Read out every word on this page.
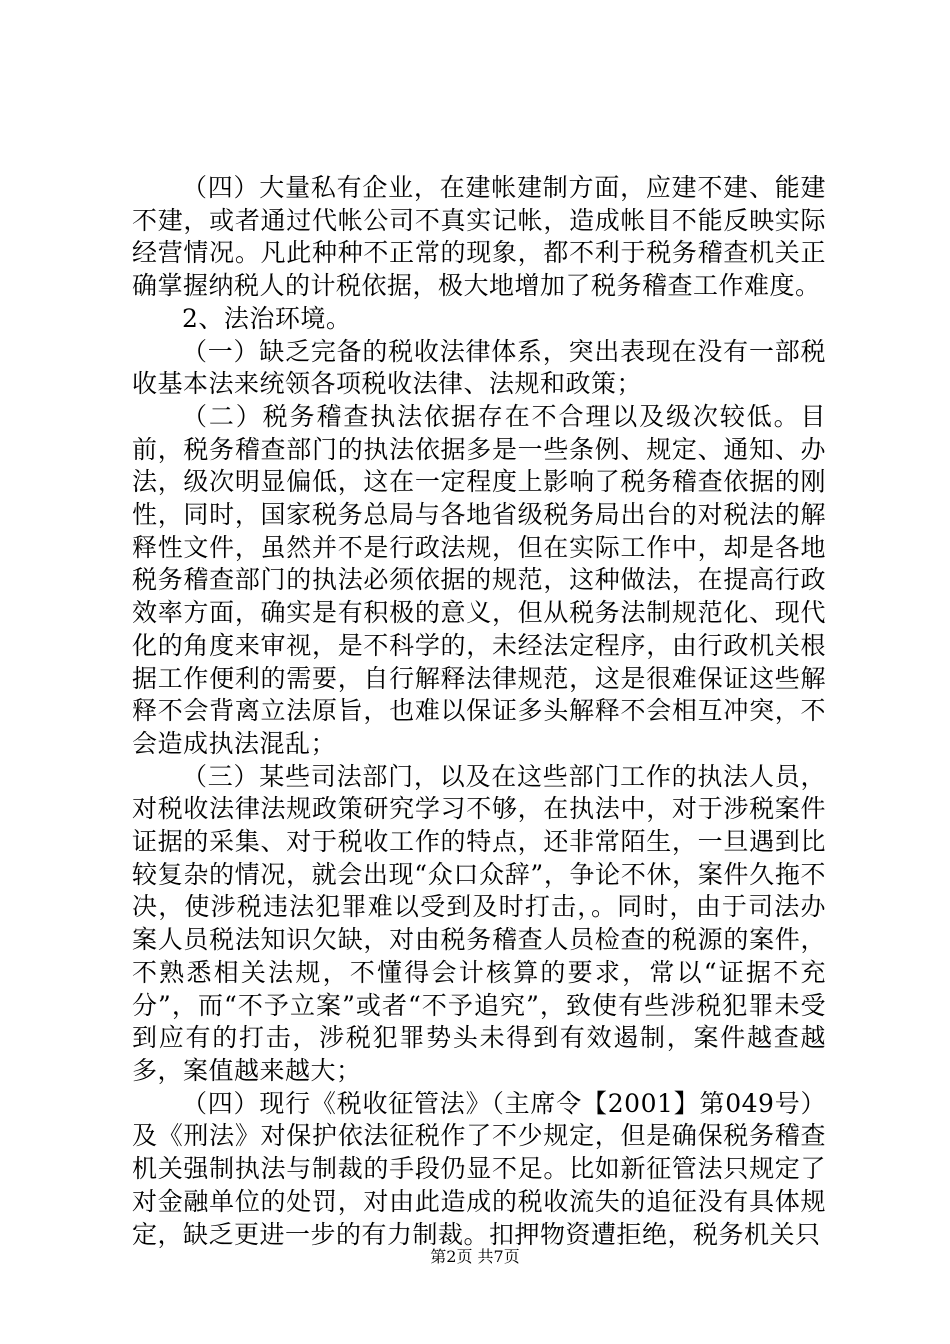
（四）大量私有企业，在建帐建制方面，应建不建、能建不建，或者通过代帐公司不真实记帐，造成帐目不能反映实际经营情况。凡此种种不正常的现象，都不利于税务稽查机关正确掌握纳税人的计税依据，极大地增加了税务稽查工作难度。

2、法治环境。

（一）缺乏完备的税收法律体系，突出表现在没有一部税收基本法来统领各项税收法律、法规和政策；

（二）税务稽查执法依据存在不合理以及级次较低。目前，税务稽查部门的执法依据多是一些条例、规定、通知、办法，级次明显偏低，这在一定程度上影响了税务稽查依据的刚性，同时，国家税务总局与各地省级税务局出台的对税法的解释性文件，虽然并不是行政法规，但在实际工作中，却是各地税务稽查部门的执法必须依据的规范，这种做法，在提高行政效率方面，确实是有积极的意义，但从税务法制规范化、现代化的角度来审视，是不科学的，未经法定程序，由行政机关根据工作便利的需要，自行解释法律规范，这是很难保证这些解释不会背离立法原旨，也难以保证多头解释不会相互冲突，不会造成执法混乱；

（三）某些司法部门，以及在这些部门工作的执法人员，对税收法律法规政策研究学习不够，在执法中，对于涉税案件证据的采集、对于税收工作的特点，还非常陌生，一旦遇到比较复杂的情况，就会出现“众口众辞”，争论不休，案件久拖不决，使涉税违法犯罪难以受到及时打击，。同时，由于司法办案人员税法知识欠缺，对由税务稽查人员检查的税源的案件，不熟悉相关法规，不懂得会计核算的要求，常以“证据不充分”，而“不予立案”或者“不予追究”，致使有些涉税犯罪未受到应有的打击，涉税犯罪势头未得到有效遏制，案件越查越多，案值越来越大；

（四）现行《税收征管法》（主席令【2001】第049号）及《刑法》对保护依法征税作了不少规定，但是确保税务稽查机关强制执法与制裁的手段仍显不足。比如新征管法只规定了对金融单位的处罚，对由此造成的税收流失的追征没有具体规定，缺乏更进一步的有力制裁。扣押物资遭拒绝，税务机关只

第2页 共7页
